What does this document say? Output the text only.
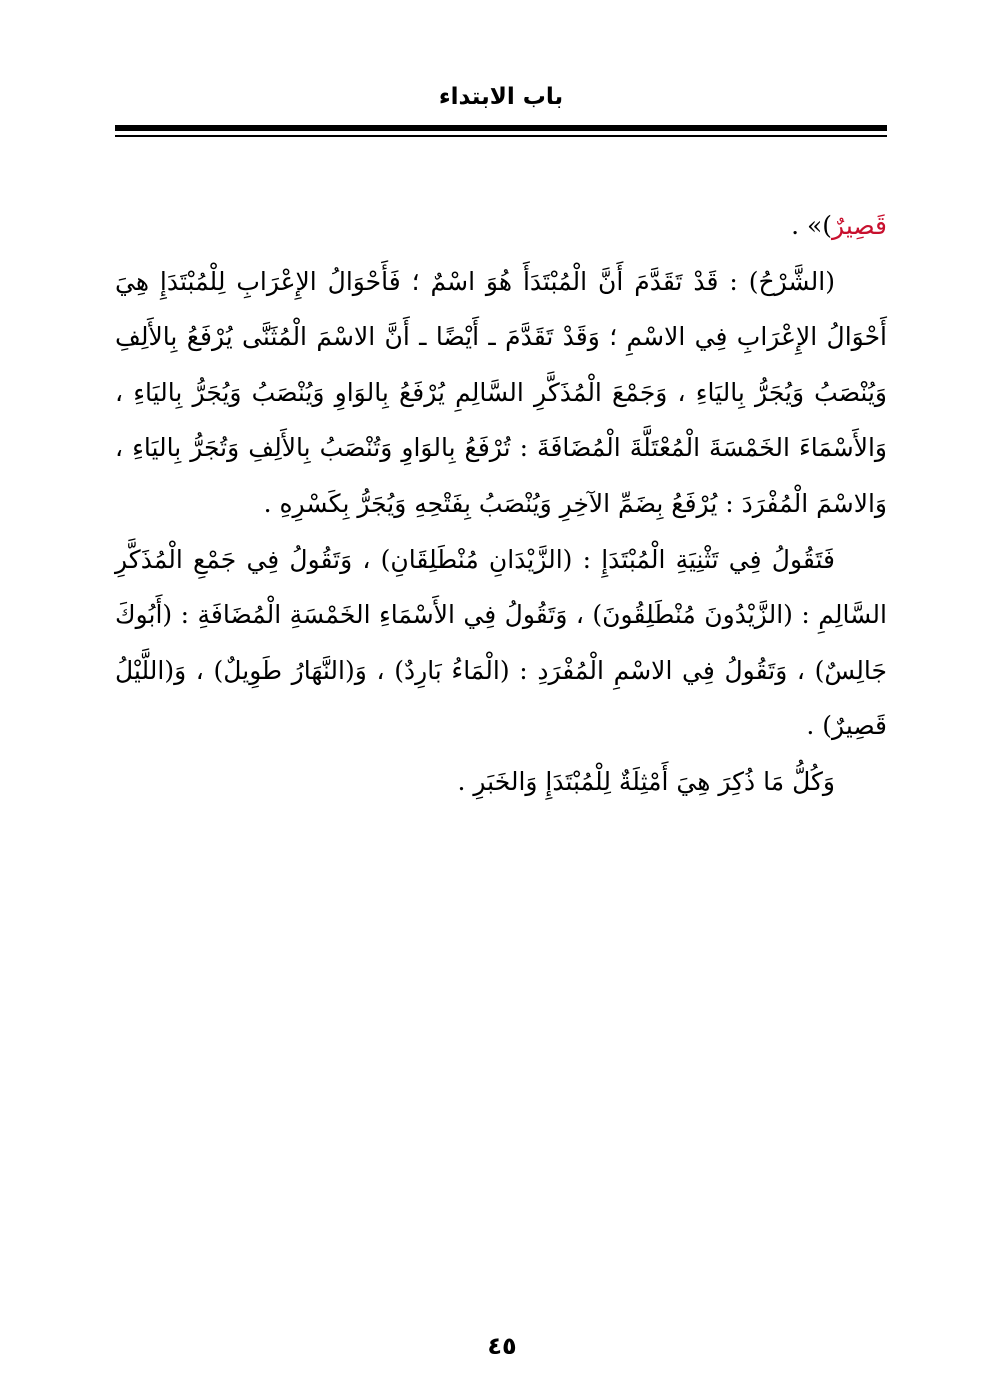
باب الابتداء

قَصِيرٌ)» .

(الشَّرْحُ) : قَدْ تَقَدَّمَ أَنَّ الْمُبْتَدَأَ هُوَ اسْمٌ ؛ فَأَحْوَالُ الإِعْرَابِ لِلْمُبْتَدَإِ هِيَ أَحْوَالُ الإِعْرَابِ فِي الاسْمِ ؛ وَقَدْ تَقَدَّمَ ـ أَيْضًا ـ أَنَّ الاسْمَ الْمُثَنَّى يُرْفَعُ بِالأَلِفِ وَيُنْصَبُ وَيُجَرُّ بِاليَاءِ ، وَجَمْعَ الْمُذَكَّرِ السَّالِمِ يُرْفَعُ بِالوَاوِ وَيُنْصَبُ وَيُجَرُّ بِاليَاءِ ، وَالأَسْمَاءَ الخَمْسَةَ الْمُعْتَلَّةَ الْمُضَافَةَ : تُرْفَعُ بِالوَاوِ وَتُنْصَبُ بِالأَلِفِ وَتُجَرُّ بِاليَاءِ ، وَالاسْمَ الْمُفْرَدَ : يُرْفَعُ بِضَمِّ الآخِرِ وَيُنْصَبُ بِفَتْحِهِ وَيُجَرُّ بِكَسْرِهِ .

فَتَقُولُ فِي تَثْنِيَةِ الْمُبْتَدَإِ : (الزَّيْدَانِ مُنْطَلِقَانِ) ، وَتَقُولُ فِي جَمْعِ الْمُذَكَّرِ السَّالِمِ : (الزَّيْدُونَ مُنْطَلِقُونَ) ، وَتَقُولُ فِي الأَسْمَاءِ الخَمْسَةِ الْمُضَافَةِ : (أَبُوكَ جَالِسٌ) ، وَتَقُولُ فِي الاسْمِ الْمُفْرَدِ : (الْمَاءُ بَارِدٌ) ، وَ(النَّهَارُ طَوِيلٌ) ، وَ(اللَّيْلُ قَصِيرٌ) .

وَكُلُّ مَا ذُكِرَ هِيَ أَمْثِلَةٌ لِلْمُبْتَدَإِ وَالخَبَرِ .

٤٥
